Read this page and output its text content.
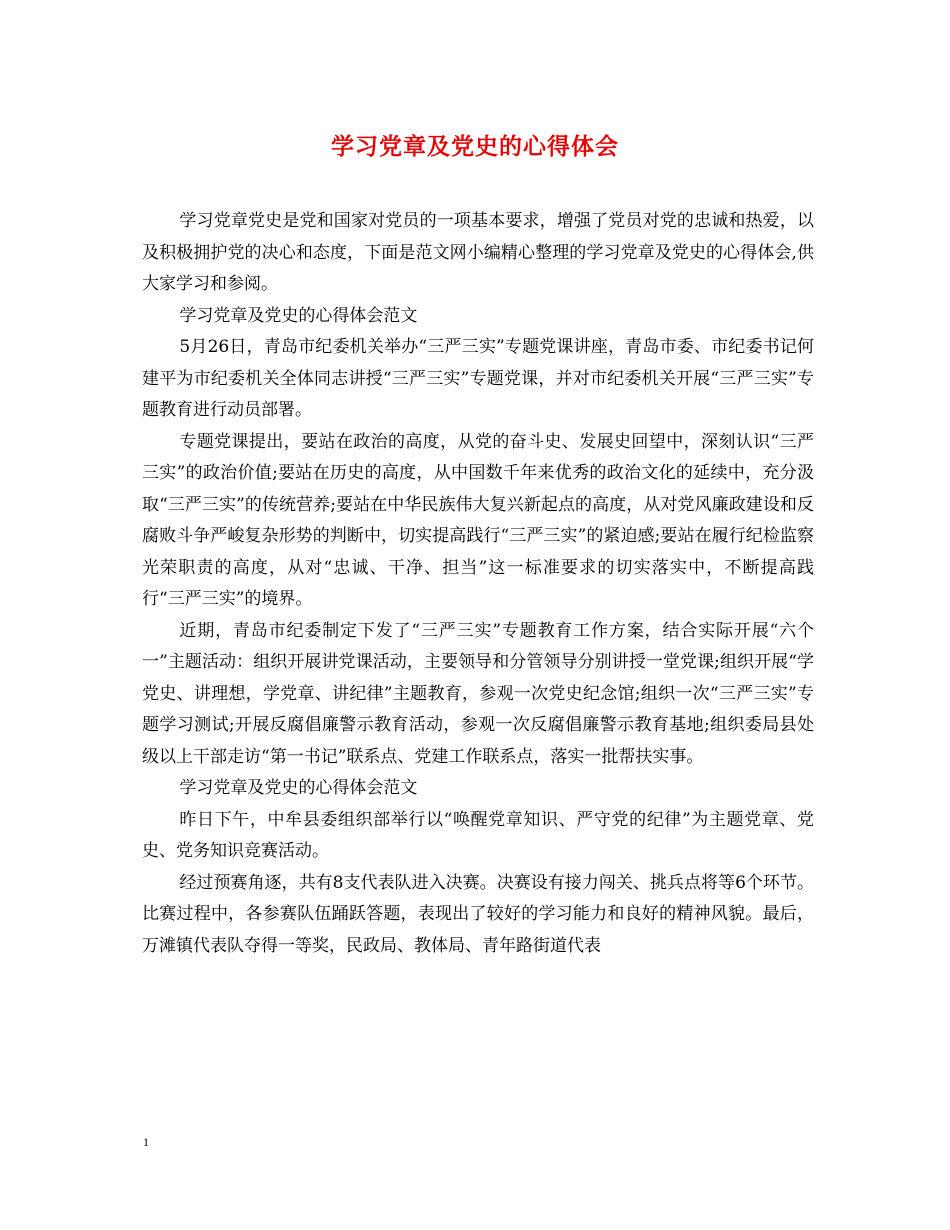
学习党章及党史的心得体会

学习党章党史是党和国家对党员的一项基本要求，增强了党员对党的忠诚和热爱，以及积极拥护党的决心和态度，下面是范文网小编精心整理的学习党章及党史的心得体会,供大家学习和参阅。

学习党章及党史的心得体会范文

5月26日，青岛市纪委机关举办“三严三实”专题党课讲座，青岛市委、市纪委书记何建平为市纪委机关全体同志讲授“三严三实”专题党课，并对市纪委机关开展“三严三实”专题教育进行动员部署。

专题党课提出，要站在政治的高度，从党的奋斗史、发展史回望中，深刻认识“三严三实”的政治价值;要站在历史的高度，从中国数千年来优秀的政治文化的延续中，充分汲取“三严三实”的传统营养;要站在中华民族伟大复兴新起点的高度，从对党风廉政建设和反腐败斗争严峻复杂形势的判断中，切实提高践行“三严三实”的紧迫感;要站在履行纪检监察光荣职责的高度，从对“忠诚、干净、担当”这一标准要求的切实落实中，不断提高践行“三严三实”的境界。

近期，青岛市纪委制定下发了“三严三实”专题教育工作方案，结合实际开展“六个一”主题活动：组织开展讲党课活动，主要领导和分管领导分别讲授一堂党课;组织开展“学党史、讲理想，学党章、讲纪律”主题教育，参观一次党史纪念馆;组织一次“三严三实”专题学习测试;开展反腐倡廉警示教育活动，参观一次反腐倡廉警示教育基地;组织委局县处级以上干部走访“第一书记”联系点、党建工作联系点，落实一批帮扶实事。

学习党章及党史的心得体会范文

昨日下午，中牟县委组织部举行以“唤醒党章知识、严守党的纪律”为主题党章、党史、党务知识竞赛活动。

经过预赛角逐，共有8支代表队进入决赛。决赛设有接力闯关、挑兵点将等6个环节。比赛过程中，各参赛队伍踊跃答题，表现出了较好的学习能力和良好的精神风貌。最后，万滩镇代表队夺得一等奖，民政局、教体局、青年路街道代表

1
